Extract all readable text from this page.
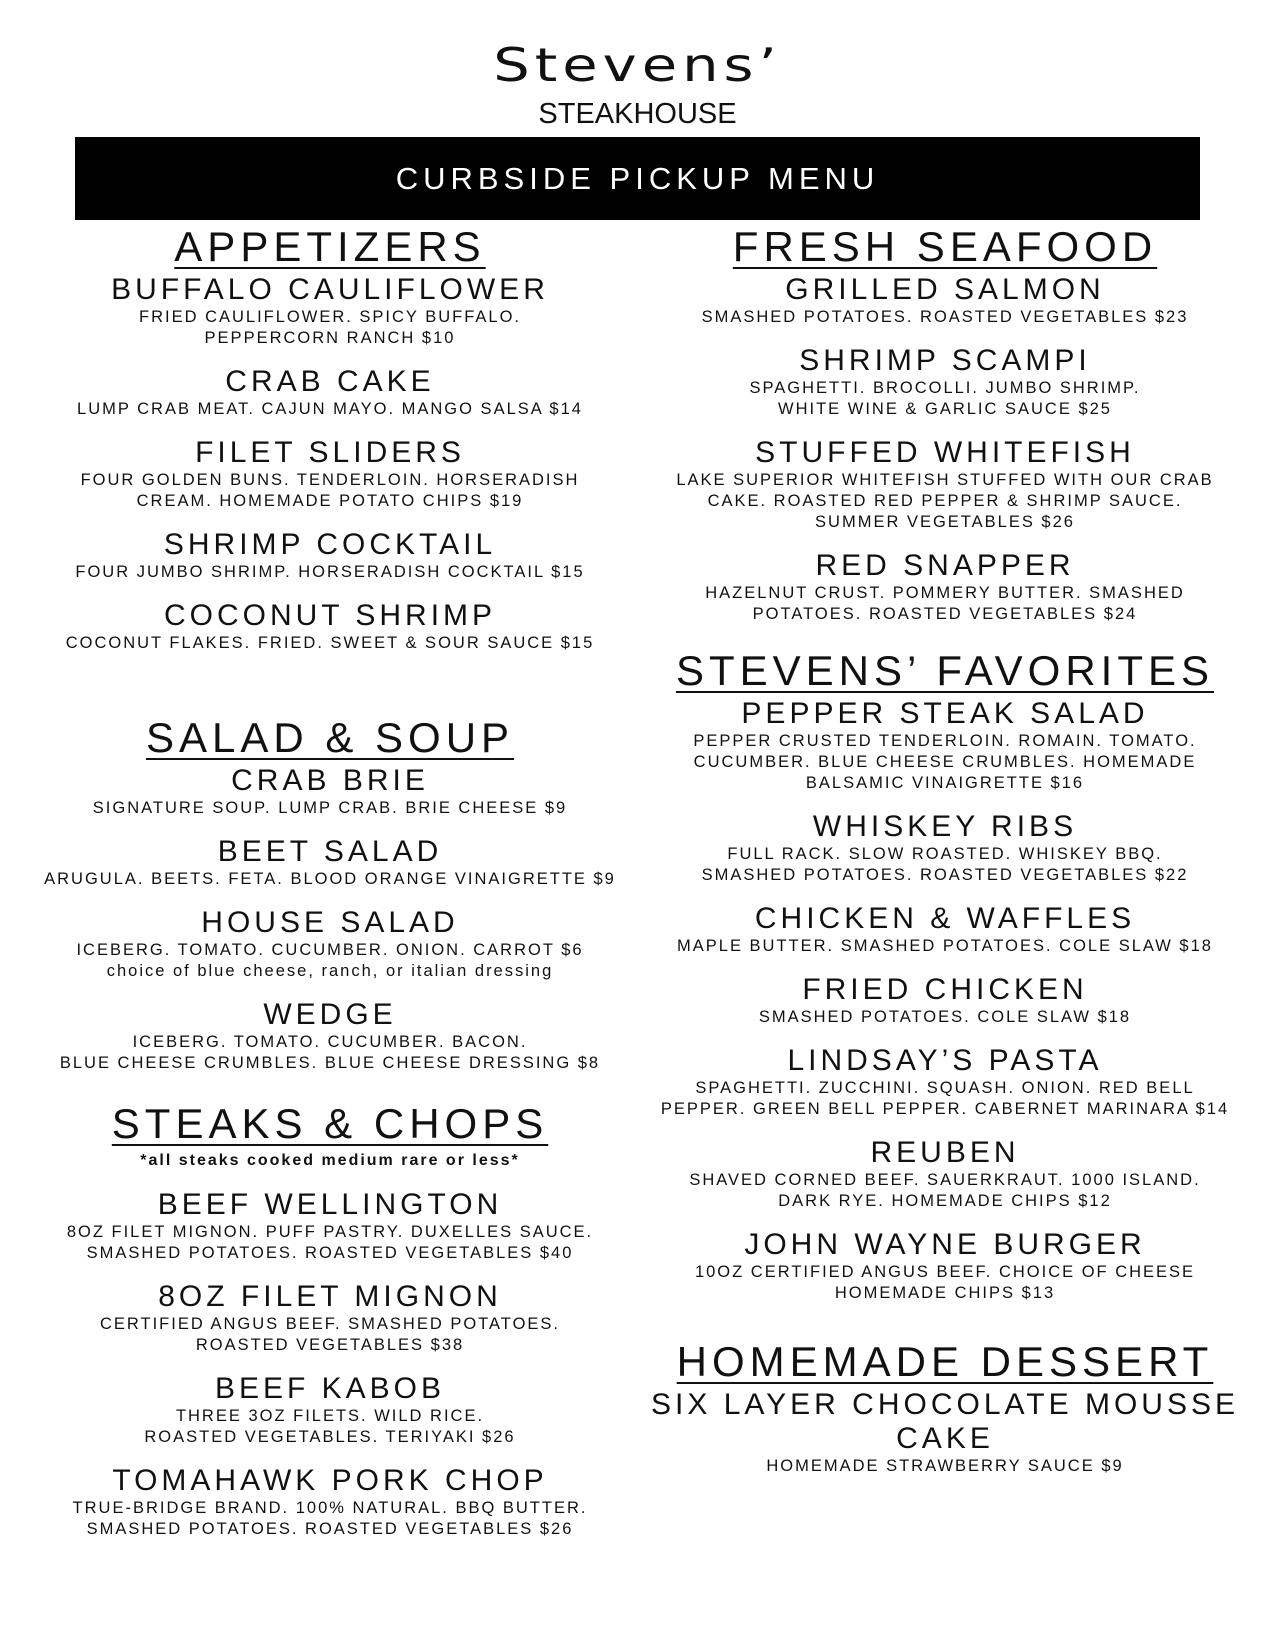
Stevens’
STEAKHOUSE
CURBSIDE PICKUP MENU
APPETIZERS
BUFFALO CAULIFLOWER
FRIED CAULIFLOWER. SPICY BUFFALO.
PEPPERCORN RANCH $10
CRAB CAKE
LUMP CRAB MEAT. CAJUN MAYO. MANGO SALSA $14
FILET SLIDERS
FOUR GOLDEN BUNS. TENDERLOIN. HORSERADISH
CREAM. HOMEMADE POTATO CHIPS $19
SHRIMP COCKTAIL
FOUR JUMBO SHRIMP. HORSERADISH COCKTAIL $15
COCONUT SHRIMP
COCONUT FLAKES. FRIED. SWEET & SOUR SAUCE $15
SALAD & SOUP
CRAB BRIE
SIGNATURE SOUP. LUMP CRAB. BRIE CHEESE $9
BEET SALAD
ARUGULA. BEETS. FETA. BLOOD ORANGE VINAIGRETTE $9
HOUSE SALAD
ICEBERG. TOMATO. CUCUMBER. ONION. CARROT $6
choice of blue cheese, ranch, or italian dressing
WEDGE
ICEBERG. TOMATO. CUCUMBER. BACON.
BLUE CHEESE CRUMBLES. BLUE CHEESE DRESSING $8
STEAKS & CHOPS
*all steaks cooked medium rare or less*
BEEF WELLINGTON
8OZ FILET MIGNON. PUFF PASTRY. DUXELLES SAUCE.
SMASHED POTATOES. ROASTED VEGETABLES $40
8OZ FILET MIGNON
CERTIFIED ANGUS BEEF. SMASHED POTATOES.
ROASTED VEGETABLES $38
BEEF KABOB
THREE 3OZ FILETS. WILD RICE.
ROASTED VEGETABLES. TERIYAKI $26
TOMAHAWK PORK CHOP
TRUE-BRIDGE BRAND. 100% NATURAL. BBQ BUTTER.
SMASHED POTATOES. ROASTED VEGETABLES $26
FRESH SEAFOOD
GRILLED SALMON
SMASHED POTATOES. ROASTED VEGETABLES $23
SHRIMP SCAMPI
SPAGHETTI. BROCOLLI. JUMBO SHRIMP.
WHITE WINE & GARLIC SAUCE $25
STUFFED WHITEFISH
LAKE SUPERIOR WHITEFISH STUFFED WITH OUR CRAB
CAKE. ROASTED RED PEPPER & SHRIMP SAUCE.
SUMMER VEGETABLES $26
RED SNAPPER
HAZELNUT CRUST. POMMERY BUTTER. SMASHED
POTATOES. ROASTED VEGETABLES $24
STEVENS’ FAVORITES
PEPPER STEAK SALAD
PEPPER CRUSTED TENDERLOIN. ROMAIN. TOMATO.
CUCUMBER. BLUE CHEESE CRUMBLES. HOMEMADE
BALSAMIC VINAIGRETTE $16
WHISKEY RIBS
FULL RACK. SLOW ROASTED. WHISKEY BBQ.
SMASHED POTATOES. ROASTED VEGETABLES $22
CHICKEN & WAFFLES
MAPLE BUTTER. SMASHED POTATOES. COLE SLAW $18
FRIED CHICKEN
SMASHED POTATOES. COLE SLAW $18
LINDSAY’S PASTA
SPAGHETTI. ZUCCHINI. SQUASH. ONION. RED BELL
PEPPER. GREEN BELL PEPPER. CABERNET MARINARA $14
REUBEN
SHAVED CORNED BEEF. SAUERKRAUT. 1000 ISLAND.
DARK RYE. HOMEMADE CHIPS $12
JOHN WAYNE BURGER
10OZ CERTIFIED ANGUS BEEF. CHOICE OF CHEESE
HOMEMADE CHIPS $13
HOMEMADE DESSERT
SIX LAYER CHOCOLATE MOUSSE CAKE
HOMEMADE STRAWBERRY SAUCE $9
